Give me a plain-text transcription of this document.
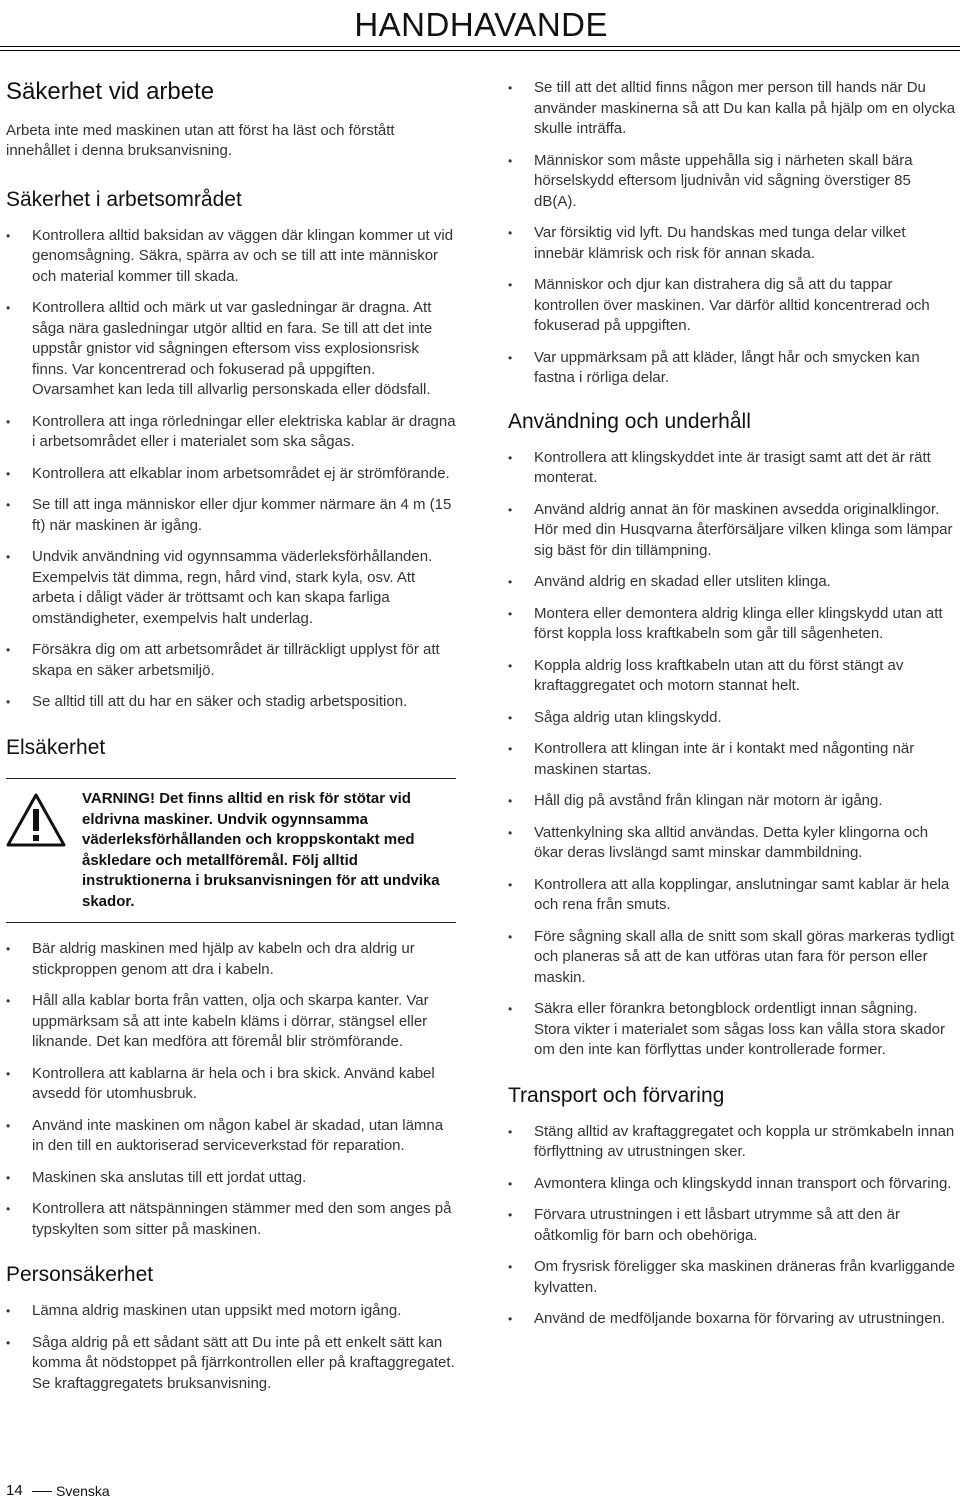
HANDHAVANDE
Säkerhet vid arbete

Arbeta inte med maskinen utan att först ha läst och förstått innehållet i denna bruksanvisning.

Säkerhet i arbetsområdet
• Kontrollera alltid baksidan av väggen där klingan kommer ut vid genomsågning. Säkra, spärra av och se till att inte människor och material kommer till skada.
• Kontrollera alltid och märk ut var gasledningar är dragna. Att såga nära gasledningar utgör alltid en fara. Se till att det inte uppstår gnistor vid sågningen eftersom viss explosionsrisk finns. Var koncentrerad och fokuserad på uppgiften. Ovarsamhet kan leda till allvarlig personskada eller dödsfall.
• Kontrollera att inga rörledningar eller elektriska kablar är dragna i arbetsområdet eller i materialet som ska sågas.
• Kontrollera att elkablar inom arbetsområdet ej är strömförande.
• Se till att inga människor eller djur kommer närmare än 4 m (15 ft) när maskinen är igång.
• Undvik användning vid ogynnsamma väderleksförhållanden. Exempelvis tät dimma, regn, hård vind, stark kyla, osv. Att arbeta i dåligt väder är tröttsamt och kan skapa farliga omständigheter, exempelvis halt underlag.
• Försäkra dig om att arbetsområdet är tillräckligt upplyst för att skapa en säker arbetsmiljö.
• Se alltid till att du har en säker och stadig arbetsposition.
Elsäkerhet
VARNING! Det finns alltid en risk för stötar vid eldrivna maskiner. Undvik ogynnsamma väderleksförhållanden och kroppskontakt med åskledare och metallföremål. Följ alltid instruktionerna i bruksanvisningen för att undvika skador.
• Bär aldrig maskinen med hjälp av kabeln och dra aldrig ur stickproppen genom att dra i kabeln.
• Håll alla kablar borta från vatten, olja och skarpa kanter. Var uppmärksam så att inte kabeln kläms i dörrar, stängsel eller liknande. Det kan medföra att föremål blir strömförande.
• Kontrollera att kablarna är hela och i bra skick. Använd kabel avsedd för utomhusbruk.
• Använd inte maskinen om någon kabel är skadad, utan lämna in den till en auktoriserad serviceverkstad för reparation.
• Maskinen ska anslutas till ett jordat uttag.
• Kontrollera att nätspänningen stämmer med den som anges på typskylten som sitter på maskinen.
Personsäkerhet
• Lämna aldrig maskinen utan uppsikt med motorn igång.
• Såga aldrig på ett sådant sätt att Du inte på ett enkelt sätt kan komma åt nödstoppet på fjärrkontrollen eller på kraftaggregatet. Se kraftaggregatets bruksanvisning.
• Se till att det alltid finns någon mer person till hands när Du använder maskinerna så att Du kan kalla på hjälp om en olycka skulle inträffa.
• Människor som måste uppehålla sig i närheten skall bära hörselskydd eftersom ljudnivån vid sågning överstiger 85 dB(A).
• Var försiktig vid lyft. Du handskas med tunga delar vilket innebär klämrisk och risk för annan skada.
• Människor och djur kan distrahera dig så att du tappar kontrollen över maskinen. Var därför alltid koncentrerad och fokuserad på uppgiften.
• Var uppmärksam på att kläder, långt hår och smycken kan fastna i rörliga delar.
Användning och underhåll
• Kontrollera att klingskyddet inte är trasigt samt att det är rätt monterat.
• Använd aldrig annat än för maskinen avsedda originalklingor. Hör med din Husqvarna återförsäljare vilken klinga som lämpar sig bäst för din tillämpning.
• Använd aldrig en skadad eller utsliten klinga.
• Montera eller demontera aldrig klinga eller klingskydd utan att först koppla loss kraftkabeln som går till sågenheten.
• Koppla aldrig loss kraftkabeln utan att du först stängt av kraftaggregatet och motorn stannat helt.
• Såga aldrig utan klingskydd.
• Kontrollera att klingan inte är i kontakt med någonting när maskinen startas.
• Håll dig på avstånd från klingan när motorn är igång.
• Vattenkylning ska alltid användas. Detta kyler klingorna och ökar deras livslängd samt minskar dammbildning.
• Kontrollera att alla kopplingar, anslutningar samt kablar är hela och rena från smuts.
• Före sågning skall alla de snitt som skall göras markeras tydligt och planeras så att de kan utföras utan fara för person eller maskin.
• Säkra eller förankra betongblock ordentligt innan sågning. Stora vikter i materialet som sågas loss kan vålla stora skador om den inte kan förflyttas under kontrollerade former.
Transport och förvaring
• Stäng alltid av kraftaggregatet och koppla ur strömkabeln innan förflyttning av utrustningen sker.
• Avmontera klinga och klingskydd innan transport och förvaring.
• Förvara utrustningen i ett låsbart utrymme så att den är oåtkomlig för barn och obehöriga.
• Om frysrisk föreligger ska maskinen dräneras från kvarliggande kylvatten.
• Använd de medföljande boxarna för förvaring av utrustningen.
14 Svenska
